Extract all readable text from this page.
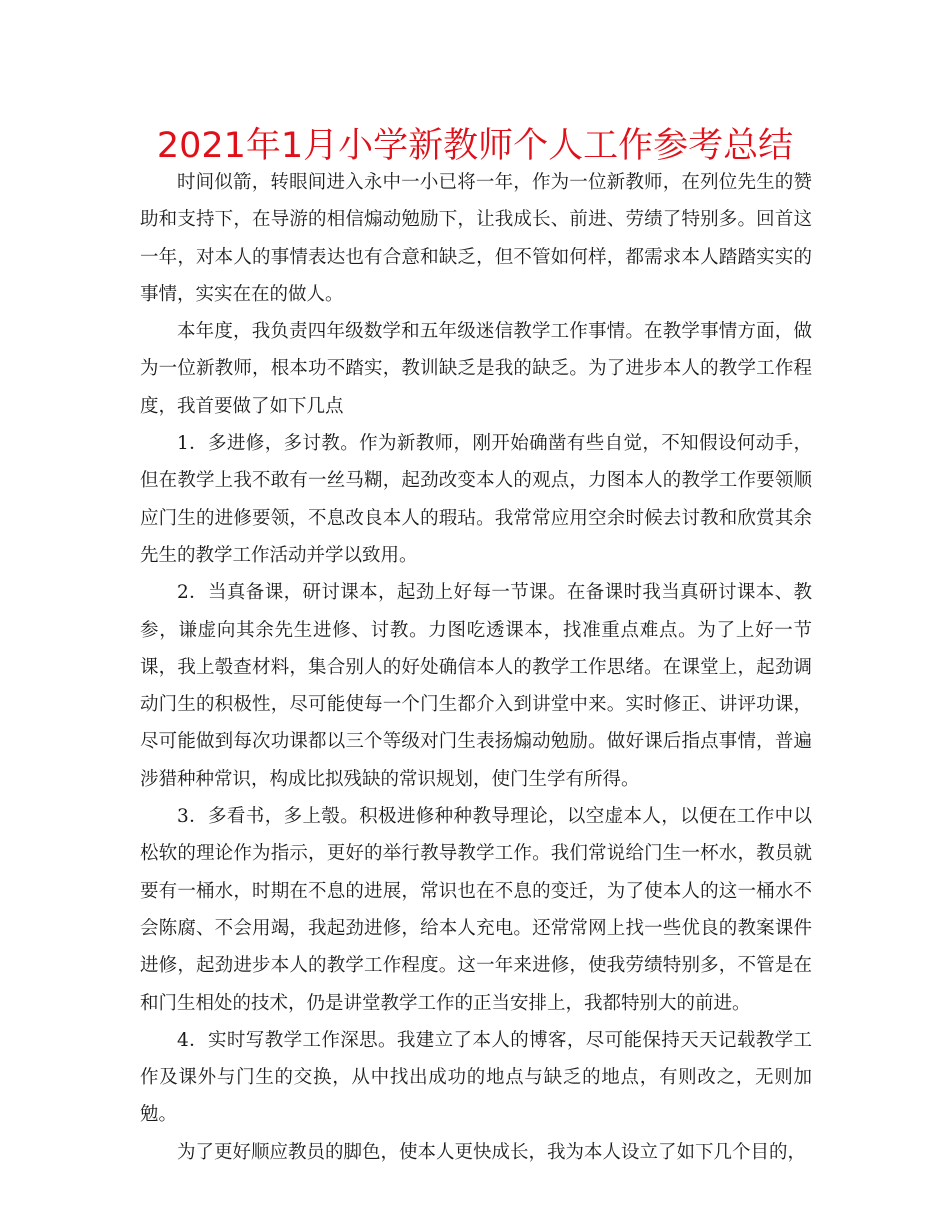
2021年1月小学新教师个人工作参考总结

时间似箭，转眼间进入永中一小已将一年，作为一位新教师，在列位先生的赞助和支持下，在导游的相信煽动勉励下，让我成长、前进、劳绩了特别多。回首这一年，对本人的事情表达也有合意和缺乏，但不管如何样，都需求本人踏踏实实的事情，实实在在的做人。

本年度，我负责四年级数学和五年级迷信教学工作事情。在教学事情方面，做为一位新教师，根本功不踏实，教训缺乏是我的缺乏。为了进步本人的教学工作程度，我首要做了如下几点

1．多进修，多讨教。作为新教师，刚开始确凿有些自觉，不知假设何动手，但在教学上我不敢有一丝马糊，起劲改变本人的观点，力图本人的教学工作要领顺应门生的进修要领，不息改良本人的瑕玷。我常常应用空余时候去讨教和欣赏其余先生的教学工作活动并学以致用。

2．当真备课，研讨课本，起劲上好每一节课。在备课时我当真研讨课本、教参，谦虚向其余先生进修、讨教。力图吃透课本，找准重点难点。为了上好一节课，我上彀查材料，集合别人的好处确信本人的教学工作思绪。在课堂上，起劲调动门生的积极性，尽可能使每一个门生都介入到讲堂中来。实时修正、讲评功课，尽可能做到每次功课都以三个等级对门生表扬煽动勉励。做好课后指点事情，普遍涉猎种种常识，构成比拟残缺的常识规划，使门生学有所得。

3．多看书，多上彀。积极进修种种教导理论，以空虚本人，以便在工作中以松软的理论作为指示，更好的举行教导教学工作。我们常说给门生一杯水，教员就要有一桶水，时期在不息的进展，常识也在不息的变迁，为了使本人的这一桶水不会陈腐、不会用竭，我起劲进修，给本人充电。还常常网上找一些优良的教案课件进修，起劲进步本人的教学工作程度。这一年来进修，使我劳绩特别多，不管是在和门生相处的技术，仍是讲堂教学工作的正当安排上，我都特别大的前进。

4．实时写教学工作深思。我建立了本人的博客，尽可能保持天天记载教学工作及课外与门生的交换，从中找出成功的地点与缺乏的地点，有则改之，无则加勉。

为了更好顺应教员的脚色，使本人更快成长，我为本人设立了如下几个目的，
